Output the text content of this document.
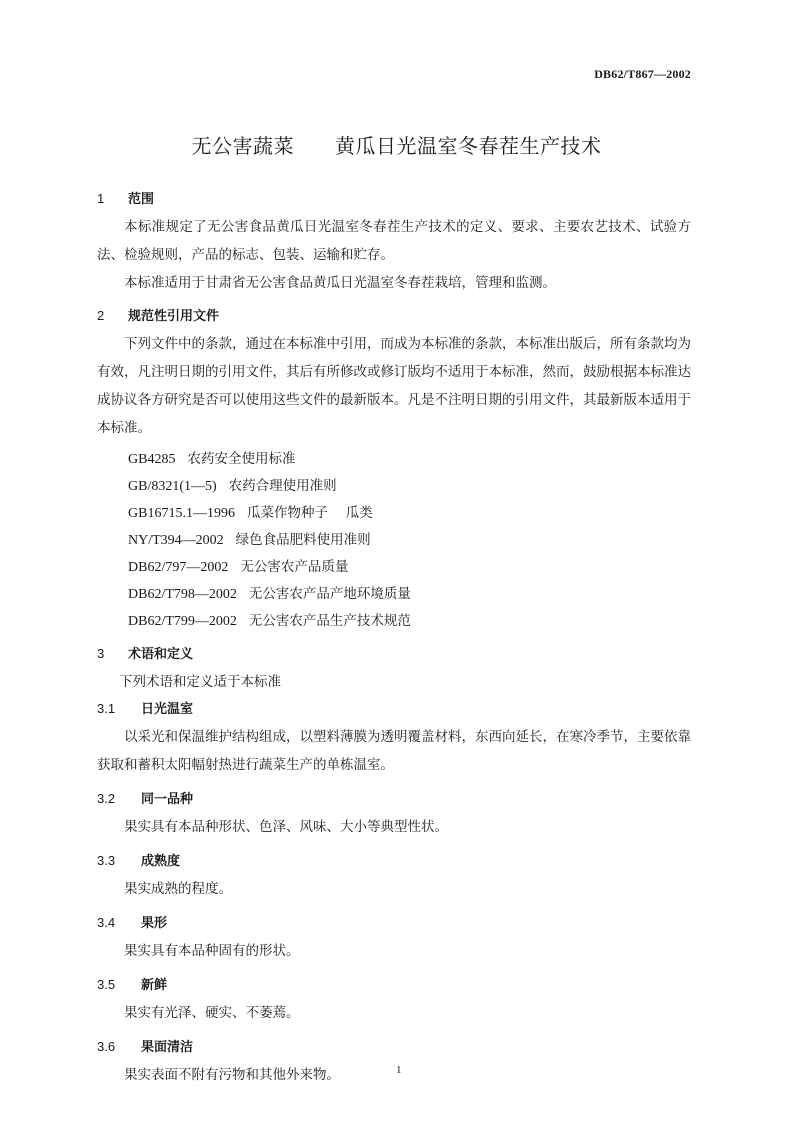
DB62/T867—2002
无公害蔬菜　　 黄瓜日光温室冬春茬生产技术
1 范围

本标准规定了无公害食品黄瓜日光温室冬春茬生产技术的定义、要求、主要农艺技术、试验方法、检验规则，产品的标志、包装、运输和贮存。

本标准适用于甘肃省无公害食品黄瓜日光温室冬春茬栽培，管理和监测。

2 规范性引用文件

下列文件中的条款，通过在本标准中引用，而成为本标准的条款，本标准出版后，所有条款均为有效，凡注明日期的引用文件，其后有所修改或修订版均不适用于本标准，然而，鼓励根据本标准达成协议各方研究是否可以使用这些文件的最新版本。凡是不注明日期的引用文件，其最新版本适用于本标准。

GB4285 农药安全使用标准

GB/8321(1—5) 农药合理使用准则

GB16715.1—1996 瓜菜作物种子　 瓜类

NY/T394—2002 绿色食品肥料使用准则

DB62/797—2002 无公害农产品质量

DB62/T798—2002 无公害农产品产地环境质量

DB62/T799—2002 无公害农产品生产技术规范

3 术语和定义

下列术语和定义适于本标准

3.1 日光温室

以采光和保温维护结构组成，以塑料薄膜为透明覆盖材料，东西向延长，在寒冷季节，主要依靠获取和蓄积太阳幅射热进行蔬菜生产的单栋温室。

3.2 同一品种

果实具有本品种形状、色泽、风味、大小等典型性状。

3.3 成熟度

果实成熟的程度。

3.4 果形

果实具有本品种固有的形状。

3.5 新鲜

果实有光泽、硬实、不萎蔫。

3.6 果面清洁

果实表面不附有污物和其他外来物。	1
